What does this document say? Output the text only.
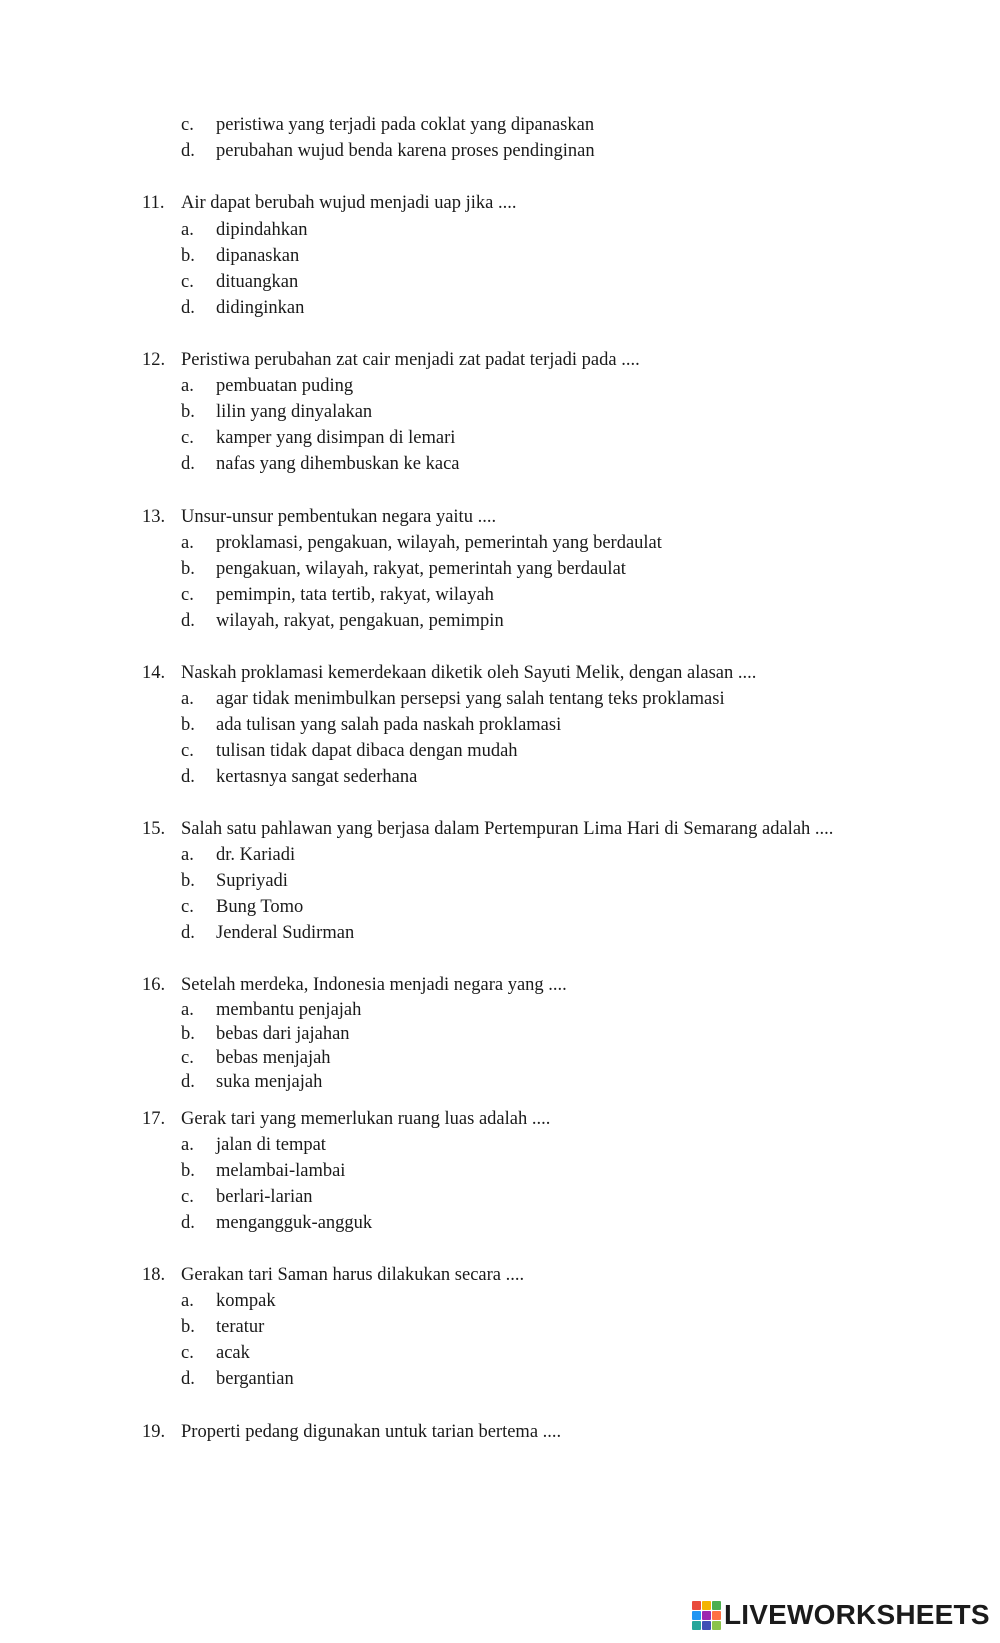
c. peristiwa yang terjadi pada coklat yang dipanaskan
d. perubahan wujud benda karena proses pendinginan
11. Air dapat berubah wujud menjadi uap jika ....
a. dipindahkan
b. dipanaskan
c. dituangkan
d. didinginkan
12. Peristiwa perubahan zat cair menjadi zat padat terjadi pada ....
a. pembuatan puding
b. lilin yang dinyalakan
c. kamper yang disimpan di lemari
d. nafas yang dihembuskan ke kaca
13. Unsur-unsur pembentukan negara yaitu ....
a. proklamasi, pengakuan, wilayah, pemerintah yang berdaulat
b. pengakuan, wilayah, rakyat, pemerintah yang berdaulat
c. pemimpin, tata tertib, rakyat, wilayah
d. wilayah, rakyat, pengakuan, pemimpin
14. Naskah proklamasi kemerdekaan diketik oleh Sayuti Melik, dengan alasan ....
a. agar tidak menimbulkan persepsi yang salah tentang teks proklamasi
b. ada tulisan yang salah pada naskah proklamasi
c. tulisan tidak dapat dibaca dengan mudah
d. kertasnya sangat sederhana
15. Salah satu pahlawan yang berjasa dalam Pertempuran Lima Hari di Semarang adalah ....
a. dr. Kariadi
b. Supriyadi
c. Bung Tomo
d. Jenderal Sudirman
16. Setelah merdeka, Indonesia menjadi negara yang ....
a. membantu penjajah
b. bebas dari jajahan
c. bebas menjajah
d. suka menjajah
17. Gerak tari yang memerlukan ruang luas adalah ....
a. jalan di tempat
b. melambai-lambai
c. berlari-larian
d. mengangguk-angguk
18. Gerakan tari Saman harus dilakukan secara ....
a. kompak
b. teratur
c. acak
d. bergantian
19. Properti pedang digunakan untuk tarian bertema ....
LIVEWORKSHEETS
